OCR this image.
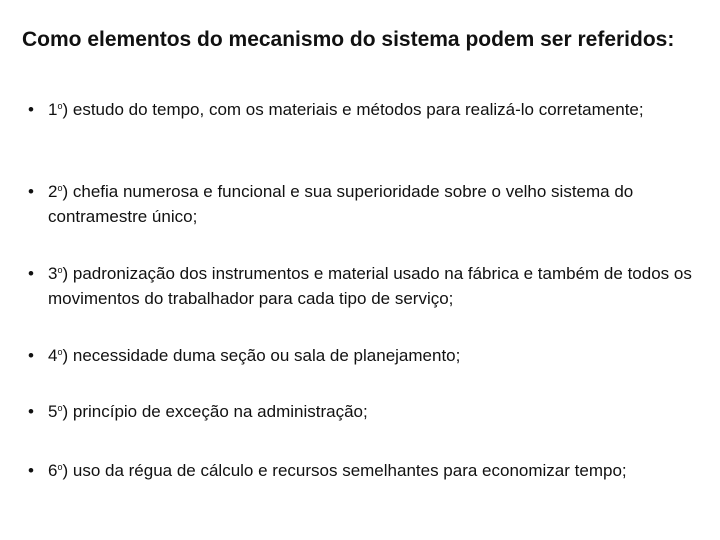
Como elementos do mecanismo do sistema podem ser referidos:
• 1$^o$) estudo do tempo, com os materiais e métodos para realizá-lo corretamente;
• 2$^o$) chefia numerosa e funcional e sua superioridade sobre o velho sistema do contramestre único;
• 3$^o$) padronização dos instrumentos e material usado na fábrica e também de todos os movimentos do trabalhador para cada tipo de serviço;
• 4$^o$) necessidade duma seção ou sala de planejamento;
• 5$^o$) princípio de exceção na administração;
• 6$^o$) uso da régua de cálculo e recursos semelhantes para economizar tempo;
